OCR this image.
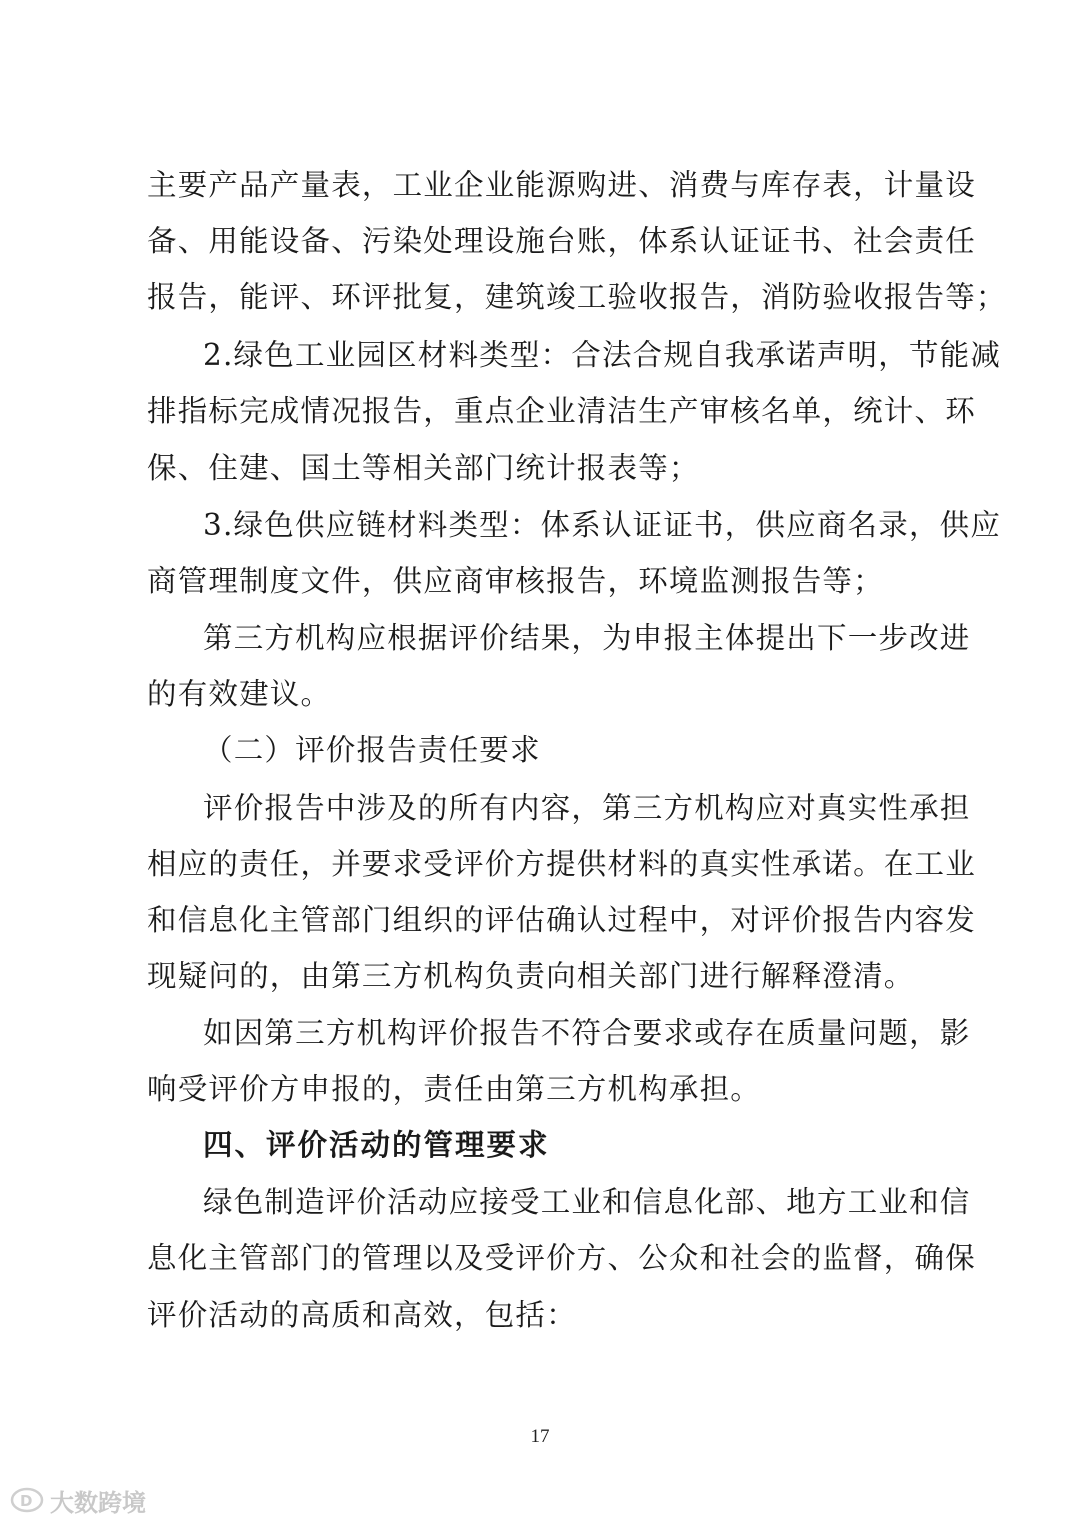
主要产品产量表，工业企业能源购进、消费与库存表，计量设
备、用能设备、污染处理设施台账，体系认证证书、社会责任
报告，能评、环评批复，建筑竣工验收报告，消防验收报告等；
2.绿色工业园区材料类型：合法合规自我承诺声明，节能减
排指标完成情况报告，重点企业清洁生产审核名单，统计、环
保、住建、国土等相关部门统计报表等；
3.绿色供应链材料类型：体系认证证书，供应商名录，供应
商管理制度文件，供应商审核报告，环境监测报告等；
第三方机构应根据评价结果，为申报主体提出下一步改进
的有效建议。
（二）评价报告责任要求
评价报告中涉及的所有内容，第三方机构应对真实性承担
相应的责任，并要求受评价方提供材料的真实性承诺。在工业
和信息化主管部门组织的评估确认过程中，对评价报告内容发
现疑问的，由第三方机构负责向相关部门进行解释澄清。
如因第三方机构评价报告不符合要求或存在质量问题，影
响受评价方申报的，责任由第三方机构承担。
四、评价活动的管理要求
绿色制造评价活动应接受工业和信息化部、地方工业和信
息化主管部门的管理以及受评价方、公众和社会的监督，确保
评价活动的高质和高效，包括：
17
D 大数跨境
